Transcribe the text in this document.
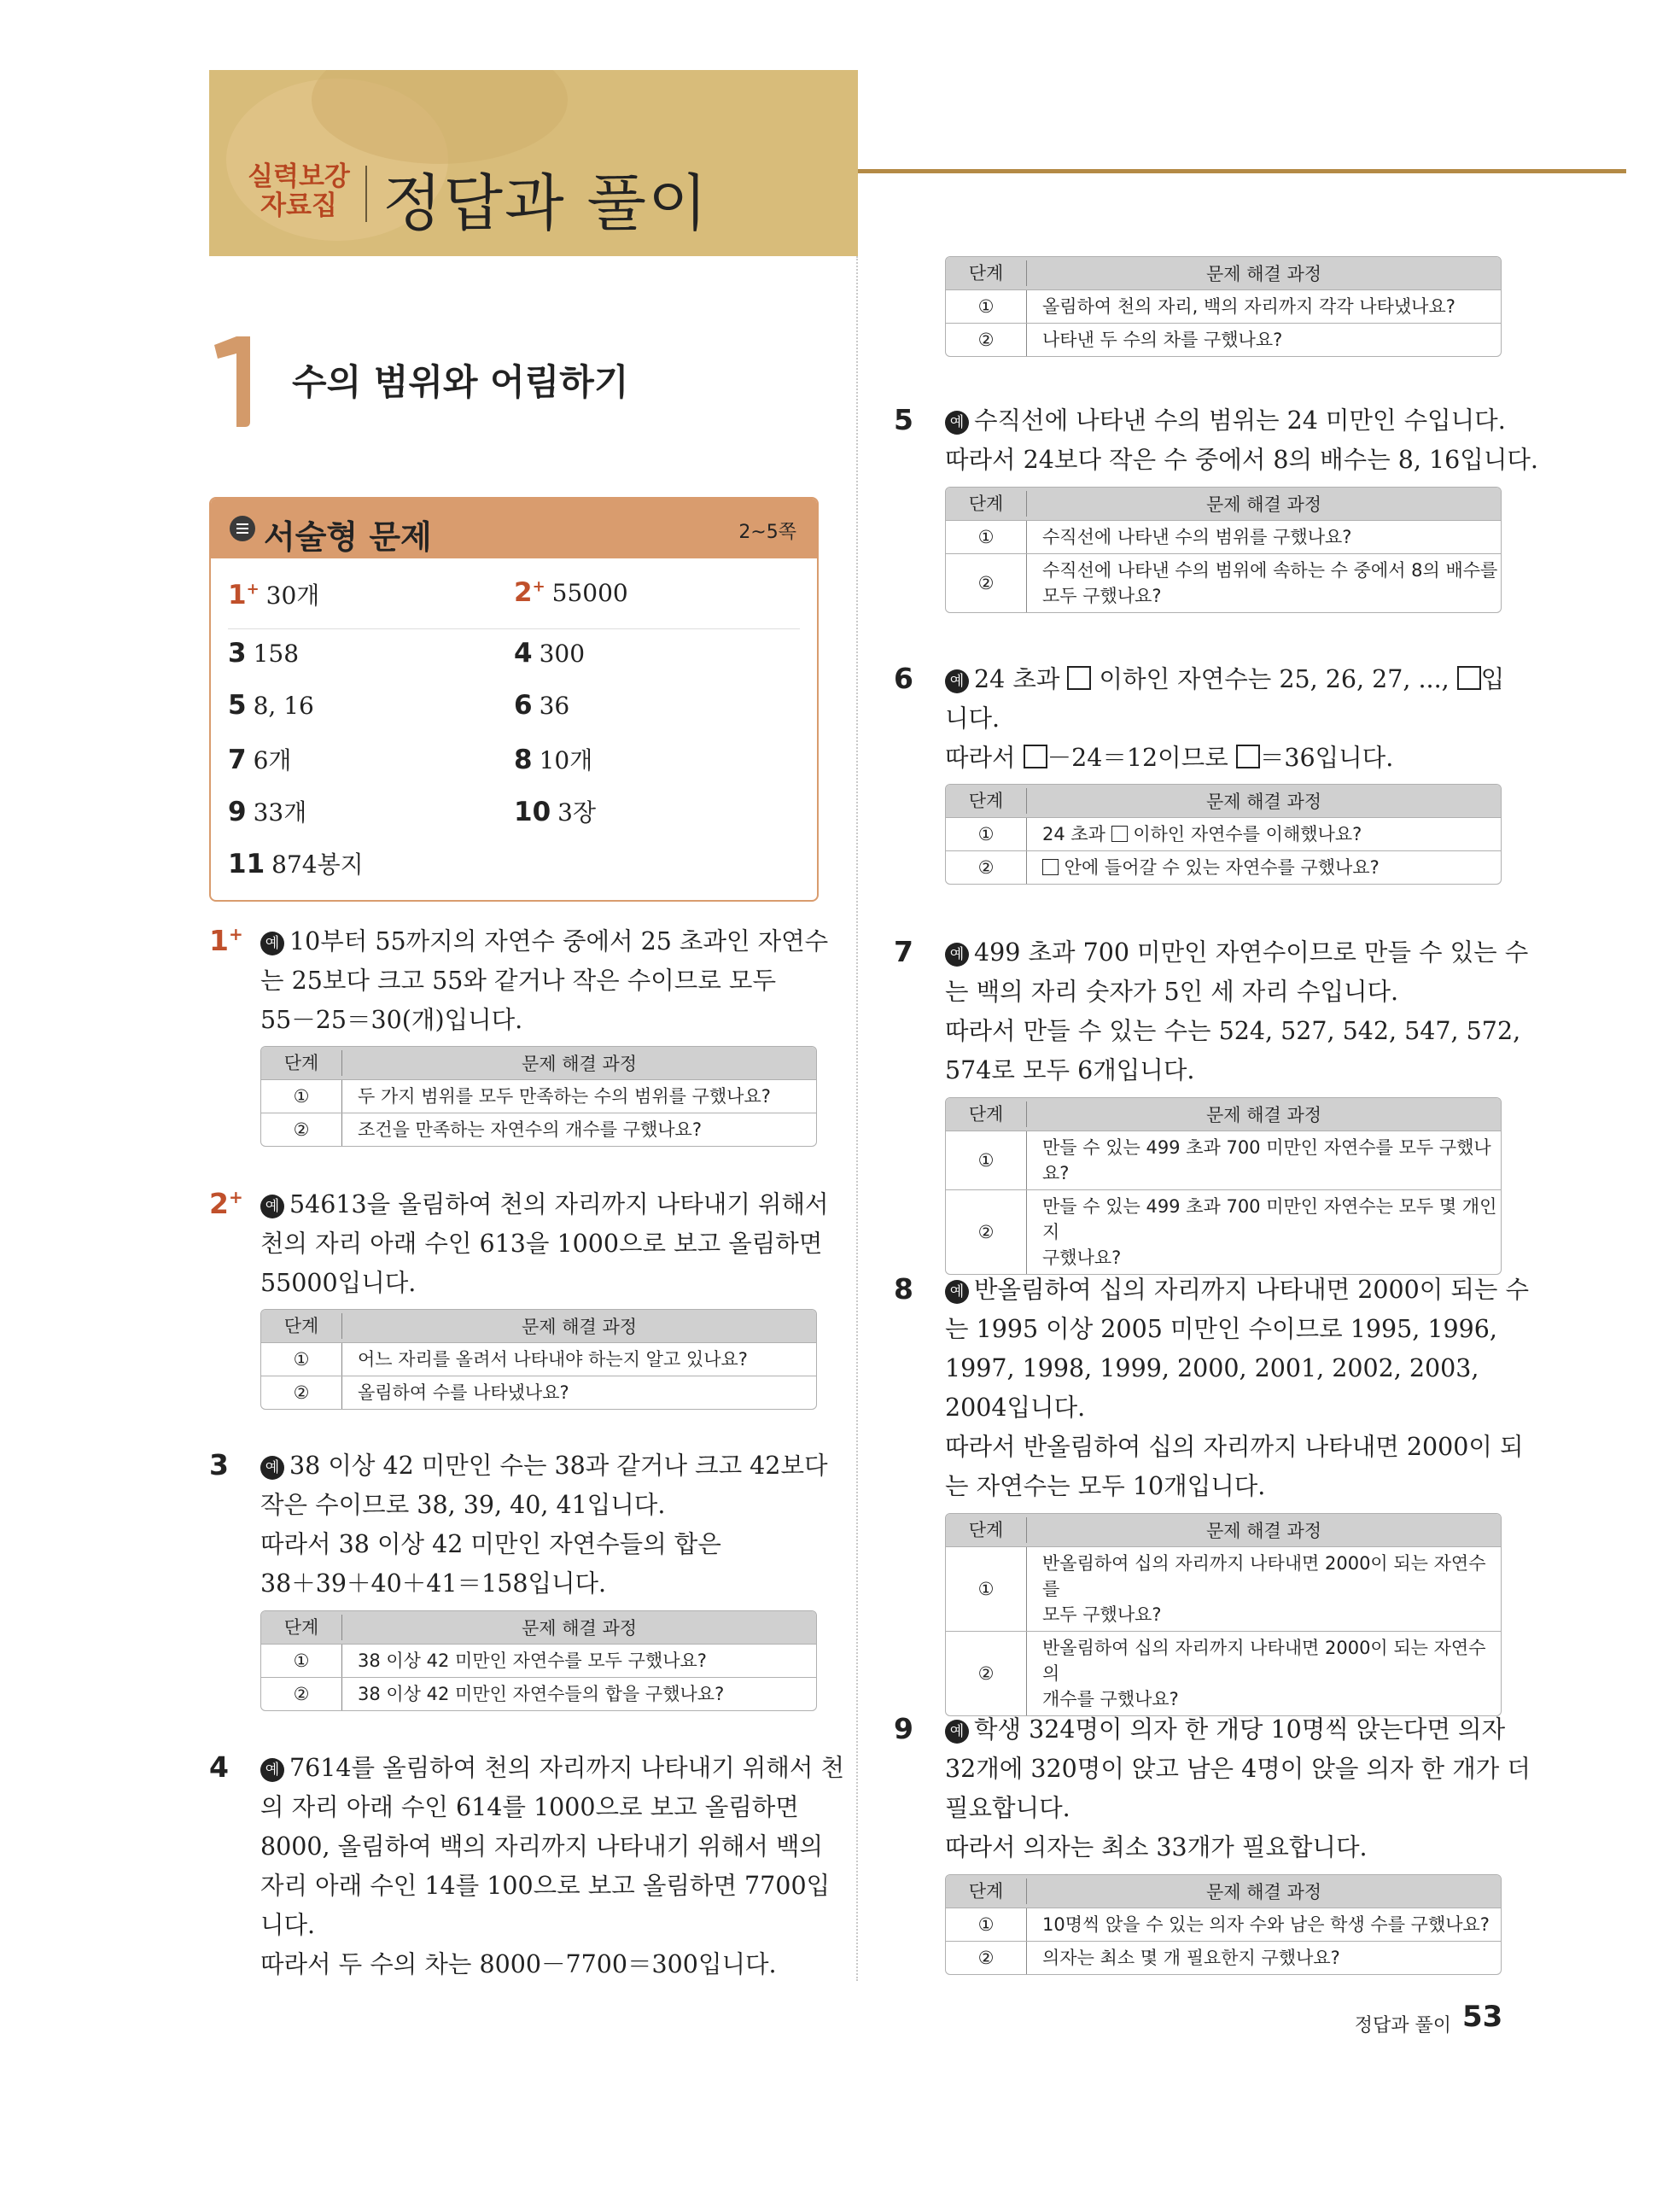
실력보강
자료집 정답과 풀이
수의 범위와 어림하기
서술형 문제	2~5쪽
1+ 30개	2+ 55000
3 158	4 300
5 8, 16	6 36
7 6개	8 10개
9 33개	10 3장
11 874봉지
1+	예 10부터 55까지의 자연수 중에서 25 초과인 자연수
는 25보다 크고 55와 같거나 작은 수이므로 모두
55－25＝30(개)입니다.
단계	문제 해결 과정
①	두 가지 범위를 모두 만족하는 수의 범위를 구했나요?
②	조건을 만족하는 자연수의 개수를 구했나요?
2+	예 54613을 올림하여 천의 자리까지 나타내기 위해서
천의 자리 아래 수인 613을 1000으로 보고 올림하면
55000입니다.
단계	문제 해결 과정
①	어느 자리를 올려서 나타내야 하는지 알고 있나요?
②	올림하여 수를 나타냈나요?
3	예 38 이상 42 미만인 수는 38과 같거나 크고 42보다
작은 수이므로 38, 39, 40, 41입니다.
따라서 38 이상 42 미만인 자연수들의 합은
38＋39＋40＋41＝158입니다.
단계	문제 해결 과정
①	38 이상 42 미만인 자연수를 모두 구했나요?
②	38 이상 42 미만인 자연수들의 합을 구했나요?
4	예 7614를 올림하여 천의 자리까지 나타내기 위해서 천
의 자리 아래 수인 614를 1000으로 보고 올림하면
8000, 올림하여 백의 자리까지 나타내기 위해서 백의
자리 아래 수인 14를 100으로 보고 올림하면 7700입
니다.
따라서 두 수의 차는 8000－7700＝300입니다.
단계	문제 해결 과정
①	올림하여 천의 자리, 백의 자리까지 각각 나타냈나요?
②	나타낸 두 수의 차를 구했나요?
5	예 수직선에 나타낸 수의 범위는 24 미만인 수입니다.
따라서 24보다 작은 수 중에서 8의 배수는 8, 16입니다.
단계	문제 해결 과정
①	수직선에 나타낸 수의 범위를 구했나요?
②
수직선에 나타낸 수의 범위에 속하는 수 중에서 8의 배수를
모두 구했나요?
6	예 24 초과  이하인 자연수는 25, 26, 27, ..., 입
니다.
따라서 －24＝12이므로 ＝36입니다.
단계	문제 해결 과정
①	24 초과  이하인 자연수를 이해했나요?
②	안에 들어갈 수 있는 자연수를 구했나요?
7	예 499 초과 700 미만인 자연수이므로 만들 수 있는 수
는 백의 자리 숫자가 5인 세 자리 수입니다.
따라서 만들 수 있는 수는 524, 527, 542, 547, 572,
574로 모두 6개입니다.
단계	문제 해결 과정
①
만들 수 있는 499 초과 700 미만인 자연수를 모두 구했나요?
②
만들 수 있는 499 초과 700 미만인 자연수는 모두 몇 개인지
구했나요?
8	예 반올림하여 십의 자리까지 나타내면 2000이 되는 수
는 1995 이상 2005 미만인 수이므로 1995, 1996,
1997, 1998, 1999, 2000, 2001, 2002, 2003,
2004입니다.
따라서 반올림하여 십의 자리까지 나타내면 2000이 되
는 자연수는 모두 10개입니다.
단계	문제 해결 과정
①
반올림하여 십의 자리까지 나타내면 2000이 되는 자연수를
모두 구했나요?
②
반올림하여 십의 자리까지 나타내면 2000이 되는 자연수의
개수를 구했나요?
9	예 학생 324명이 의자 한 개당 10명씩 앉는다면 의자
32개에 320명이 앉고 남은 4명이 앉을 의자 한 개가 더
필요합니다.
따라서 의자는 최소 33개가 필요합니다.
단계	문제 해결 과정
①	10명씩 앉을 수 있는 의자 수와 남은 학생 수를 구했나요?
②	의자는 최소 몇 개 필요한지 구했나요?
정답과 풀이 53
